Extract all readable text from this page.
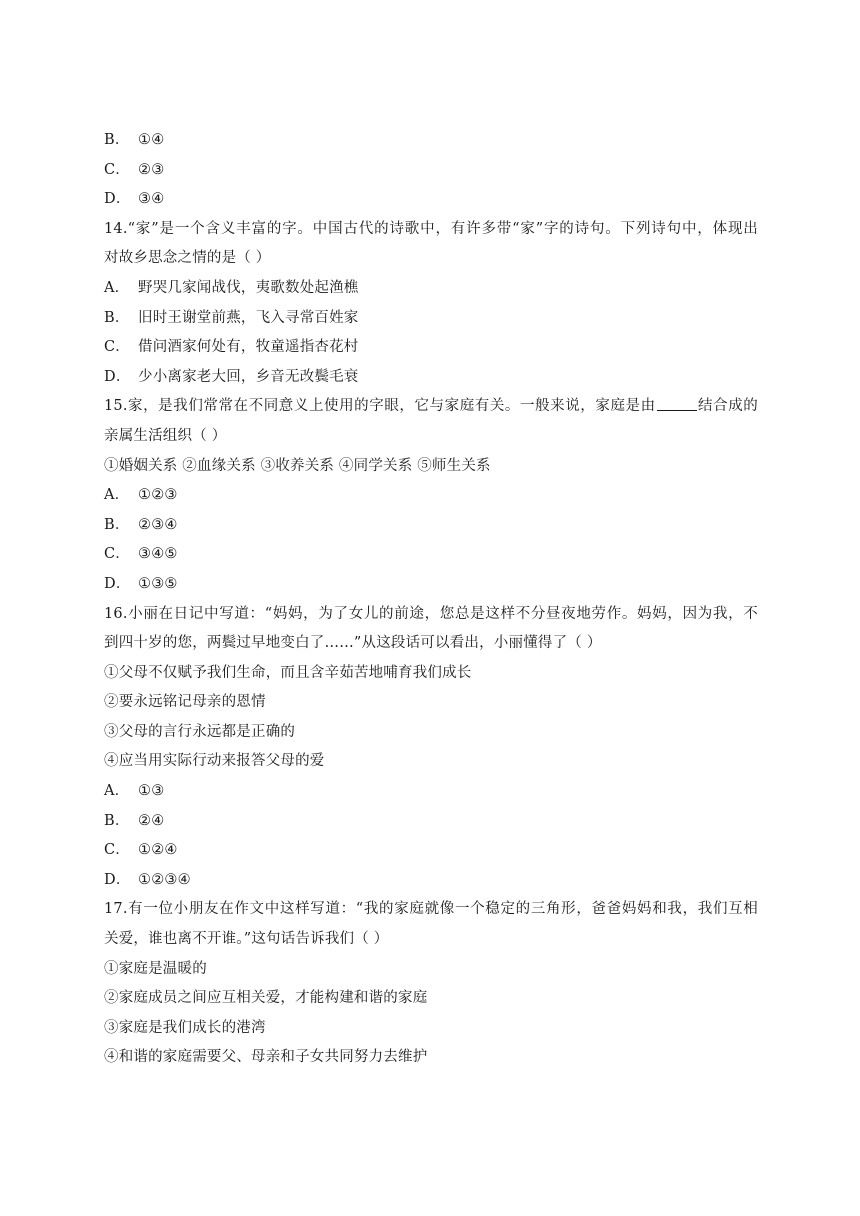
B． ①④
C． ②③
D． ③④
14.“家”是一个含义丰富的字。中国古代的诗歌中，有许多带“家”字的诗句。下列诗句中，体现出
对故乡思念之情的是（ ）
A． 野哭几家闻战伐，夷歌数处起渔樵
B． 旧时王谢堂前燕，飞入寻常百姓家
C． 借问酒家何处有，牧童遥指杏花村
D． 少小离家老大回，乡音无改鬓毛衰
15.家，是我们常常在不同意义上使用的字眼，它与家庭有关。一般来说，家庭是由	结合成的
亲属生活组织（ ）
①婚姻关系 ②血缘关系 ③收养关系 ④同学关系 ⑤师生关系
A． ①②③
B． ②③④
C． ③④⑤
D． ①③⑤
16.小丽在日记中写道：“妈妈，为了女儿的前途，您总是这样不分昼夜地劳作。妈妈，因为我，不
到四十岁的您，两鬓过早地变白了……”从这段话可以看出，小丽懂得了（ ）
①父母不仅赋予我们生命，而且含辛茹苦地哺育我们成长
②要永远铭记母亲的恩情
③父母的言行永远都是正确的
④应当用实际行动来报答父母的爱
A． ①③
B． ②④
C． ①②④
D． ①②③④
17.有一位小朋友在作文中这样写道：“我的家庭就像一个稳定的三角形，爸爸妈妈和我，我们互相
关爱，谁也离不开谁。”这句话告诉我们（ ）
①家庭是温暖的
②家庭成员之间应互相关爱，才能构建和谐的家庭
③家庭是我们成长的港湾
④和谐的家庭需要父、母亲和子女共同努力去维护
